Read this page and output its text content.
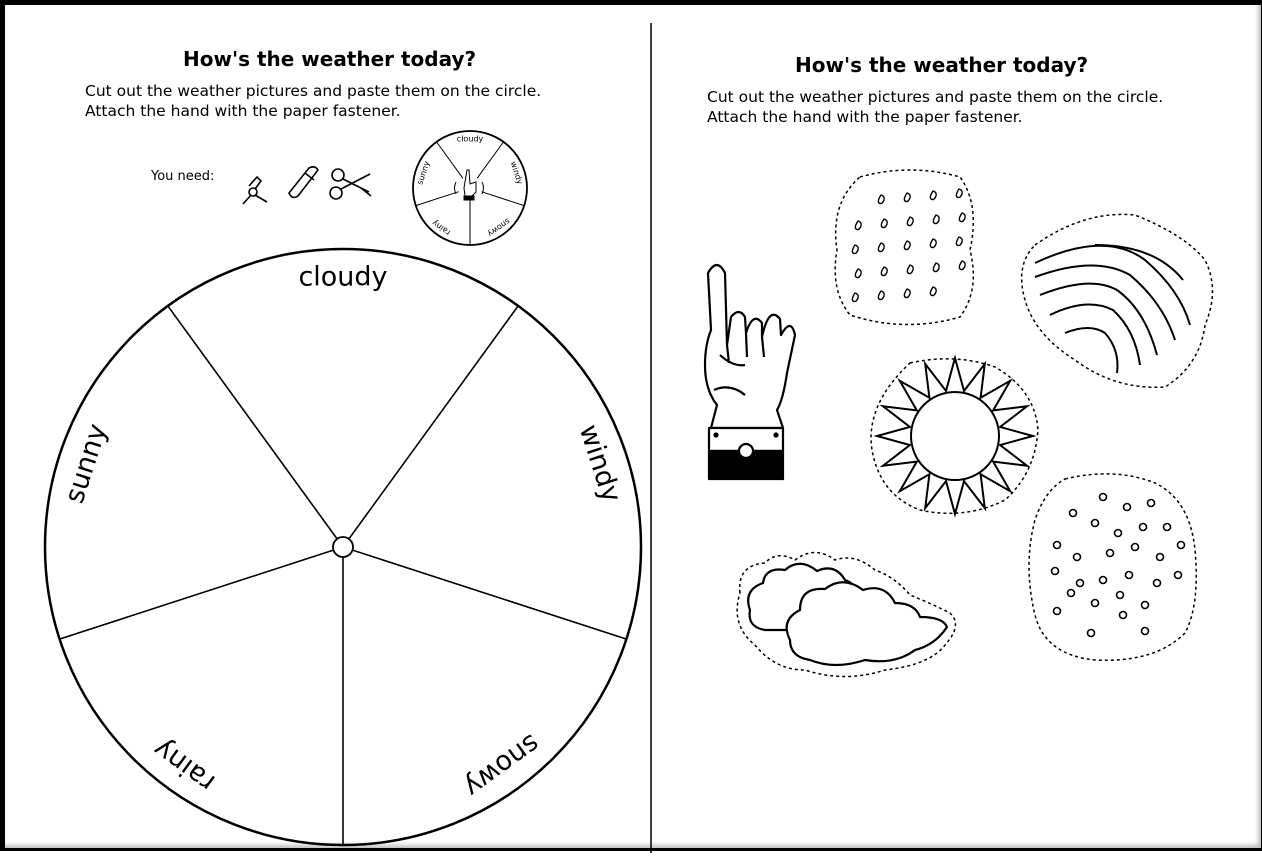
How's the weather today?
Cut out the weather pictures and paste them on the circle.
Attach the hand with the paper fastener.
You need:
How's the weather today?
Cut out the weather pictures and paste them on the circle.
Attach the hand with the paper fastener.
cloudy
windy
snowy
rainy
sunny
cloudy
windy
snowy
rainy
sunny
